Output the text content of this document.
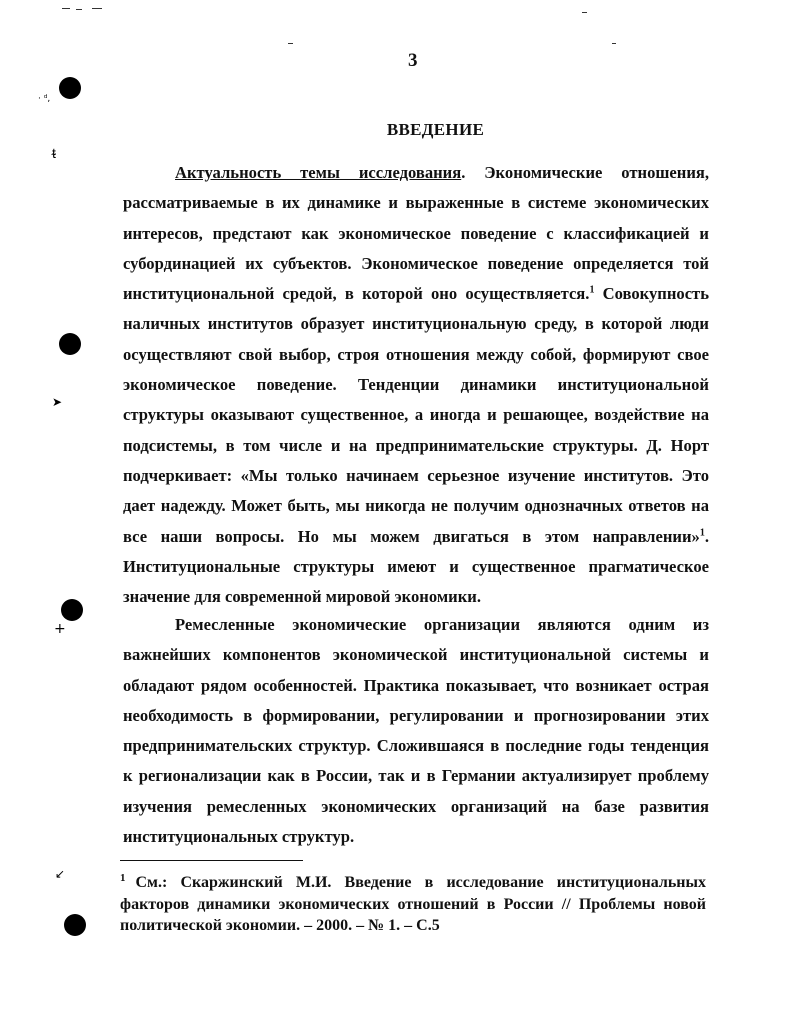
· ᵈ,
ᵵ
➤
+
↙
3
ВВЕДЕНИЕ

Актуальность темы исследования. Экономические отношения, рассматриваемые в их динамике и выраженные в системе экономических интересов, предстают как экономическое поведение с классификацией и субординацией их субъектов. Экономическое поведение определяется той институциональной средой, в которой оно осуществляется.$^1$ Совокупность наличных институтов образует институциональную среду, в которой люди осуществляют свой выбор, строя отношения между собой, формируют свое экономическое поведение. Тенденции динамики институциональной структуры оказывают существенное, а иногда и решающее, воздействие на подсистемы, в том числе и на предпринимательские структуры. Д. Норт подчеркивает: «Мы только начинаем серьезное изучение институтов. Это дает надежду. Может быть, мы никогда не получим однозначных ответов на все наши вопросы. Но мы можем двигаться в этом направлении»$^1$. Институциональные структуры имеют и существенное прагматическое значение для современной мировой экономики.

Ремесленные экономические организации являются одним из важнейших компонентов экономической институциональной системы и обладают рядом особенностей. Практика показывает, что возникает острая необходимость в формировании, регулировании и прогнозировании этих предпринимательских структур. Сложившаяся в последние годы тенденция к регионализации как в России, так и в Германии актуализирует проблему изучения ремесленных экономических организаций на базе развития институциональных структур.

$^1$ См.: Скаржинский М.И. Введение в исследование институциональных факторов динамики экономических отношений в России // Проблемы новой политической экономии. – 2000. – № 1. – С.5
